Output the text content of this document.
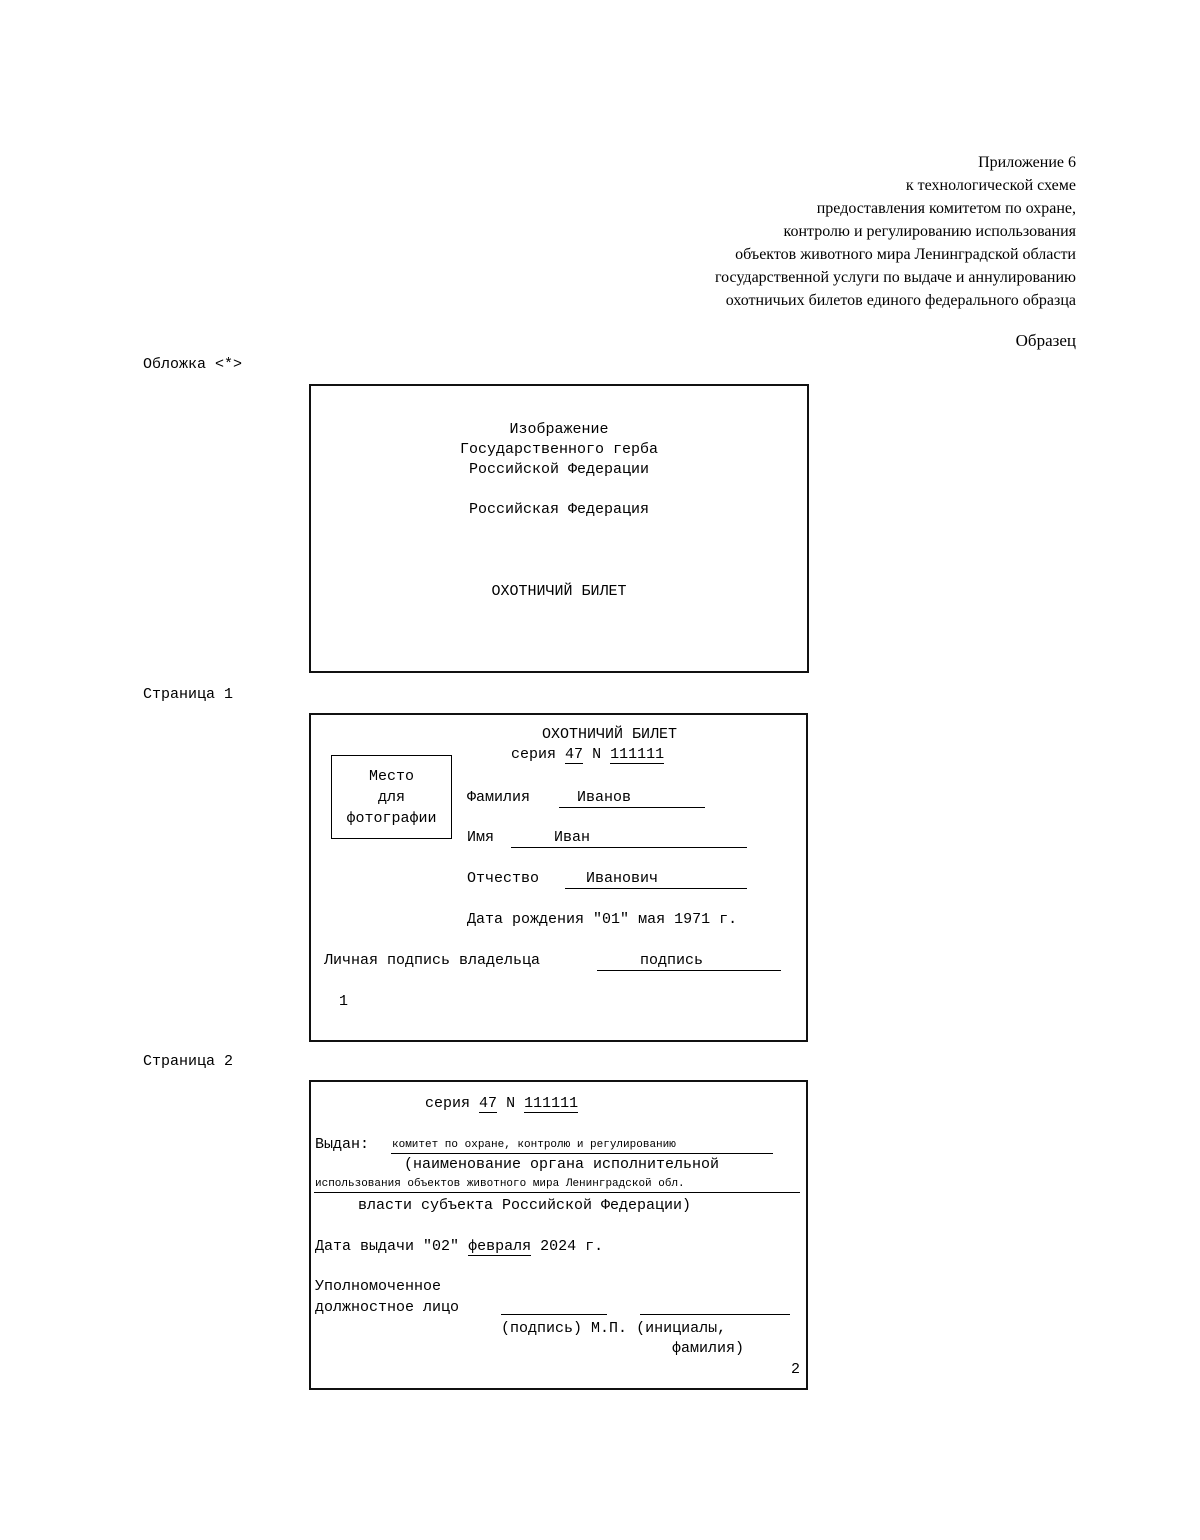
Приложение 6
к технологической схеме
предоставления комитетом по охране,
контролю и регулированию использования
объектов животного мира Ленинградской области
государственной услуги по выдаче и аннулированию
охотничьих билетов единого федерального образца
Образец
Обложка <*>
Изображение
Государственного герба
Российской Федерации
Российская Федерация
ОХОТНИЧИЙ БИЛЕТ
Страница 1
ОХОТНИЧИЙ БИЛЕТ
серия 47 N 111111
Место
для
фотографии
Фамилия	Иванов
Имя	Иван
Отчество	Иванович
Дата рождения "01" мая 1971 г.
Личная подпись владельца	подпись
1
Страница 2
серия 47 N 111111
Выдан: комитет по охране, контролю и регулированию
(наименование органа исполнительной
использования объектов животного мира Ленинградской обл.
власти субъекта Российской Федерации)
Дата выдачи "02" февраля 2024 г.
Уполномоченное
должностное лицо
(подпись) М.П. (инициалы,
фамилия)
2
